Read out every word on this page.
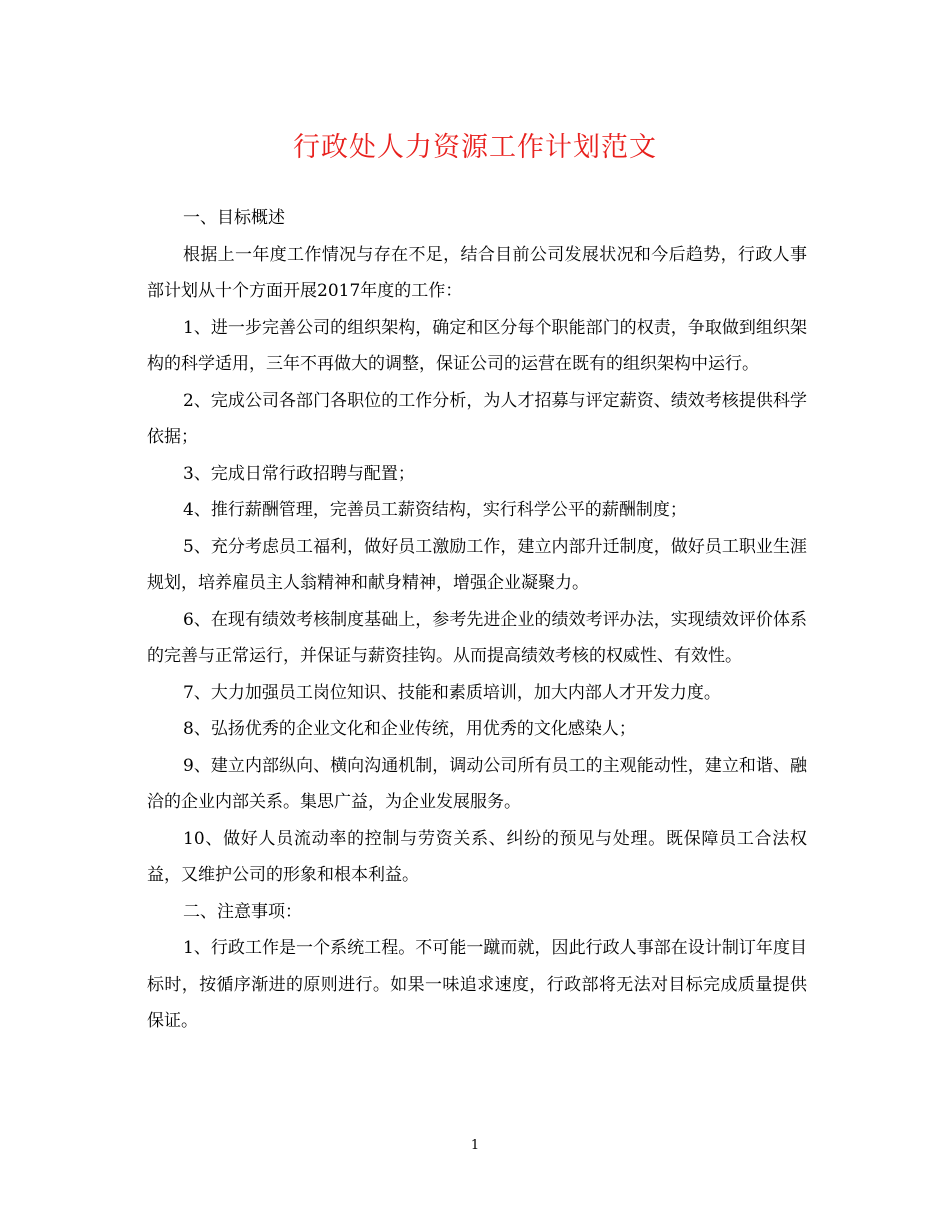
行政处人力资源工作计划范文

一、目标概述

根据上一年度工作情况与存在不足，结合目前公司发展状况和今后趋势，行政人事部计划从十个方面开展2017年度的工作：

1、进一步完善公司的组织架构，确定和区分每个职能部门的权责，争取做到组织架构的科学适用，三年不再做大的调整，保证公司的运营在既有的组织架构中运行。

2、完成公司各部门各职位的工作分析，为人才招募与评定薪资、绩效考核提供科学依据；

3、完成日常行政招聘与配置；

4、推行薪酬管理，完善员工薪资结构，实行科学公平的薪酬制度；

5、充分考虑员工福利，做好员工激励工作，建立内部升迁制度，做好员工职业生涯规划，培养雇员主人翁精神和献身精神，增强企业凝聚力。

6、在现有绩效考核制度基础上，参考先进企业的绩效考评办法，实现绩效评价体系的完善与正常运行，并保证与薪资挂钩。从而提高绩效考核的权威性、有效性。

7、大力加强员工岗位知识、技能和素质培训，加大内部人才开发力度。

8、弘扬优秀的企业文化和企业传统，用优秀的文化感染人；

9、建立内部纵向、横向沟通机制，调动公司所有员工的主观能动性，建立和谐、融洽的企业内部关系。集思广益，为企业发展服务。

10、做好人员流动率的控制与劳资关系、纠纷的预见与处理。既保障员工合法权益，又维护公司的形象和根本利益。

二、注意事项：

1、行政工作是一个系统工程。不可能一蹴而就，因此行政人事部在设计制订年度目标时，按循序渐进的原则进行。如果一味追求速度，行政部将无法对目标完成质量提供保证。

1
